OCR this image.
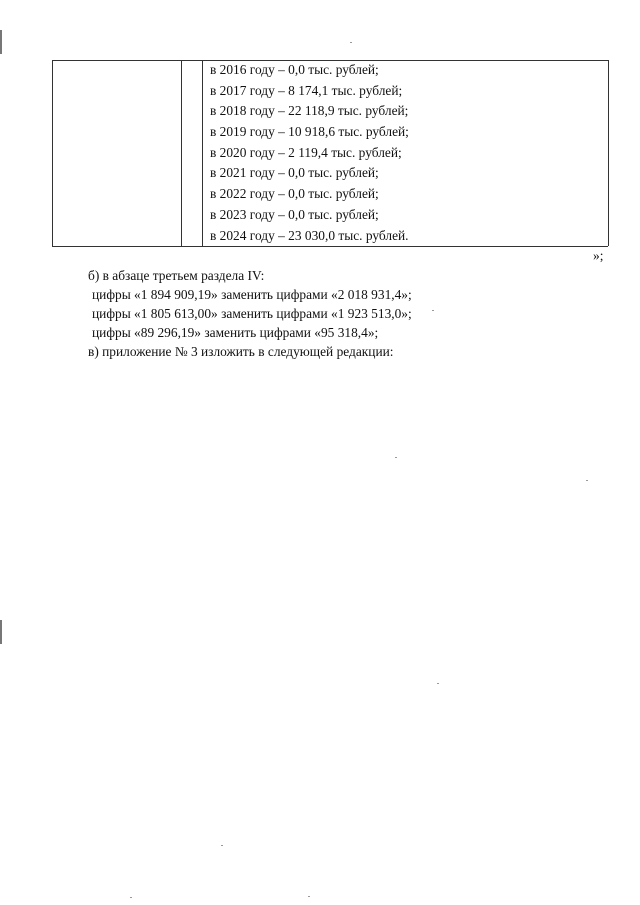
в 2016 году – 0,0 тыс. рублей;
в 2017 году – 8 174,1 тыс. рублей;
в 2018 году – 22 118,9 тыс. рублей;
в 2019 году – 10 918,6 тыс. рублей;
в 2020 году – 2 119,4 тыс. рублей;
в 2021 году – 0,0 тыс. рублей;
в 2022 году – 0,0 тыс. рублей;
в 2023 году – 0,0 тыс. рублей;
в 2024 году – 23 030,0 тыс. рублей.
»;
б) в абзаце третьем раздела IV:
цифры «1 894 909,19» заменить цифрами «2 018 931,4»;
цифры «1 805 613,00» заменить цифрами «1 923 513,0»;
цифры «89 296,19» заменить цифрами «95 318,4»;
в) приложение № 3 изложить в следующей редакции:
